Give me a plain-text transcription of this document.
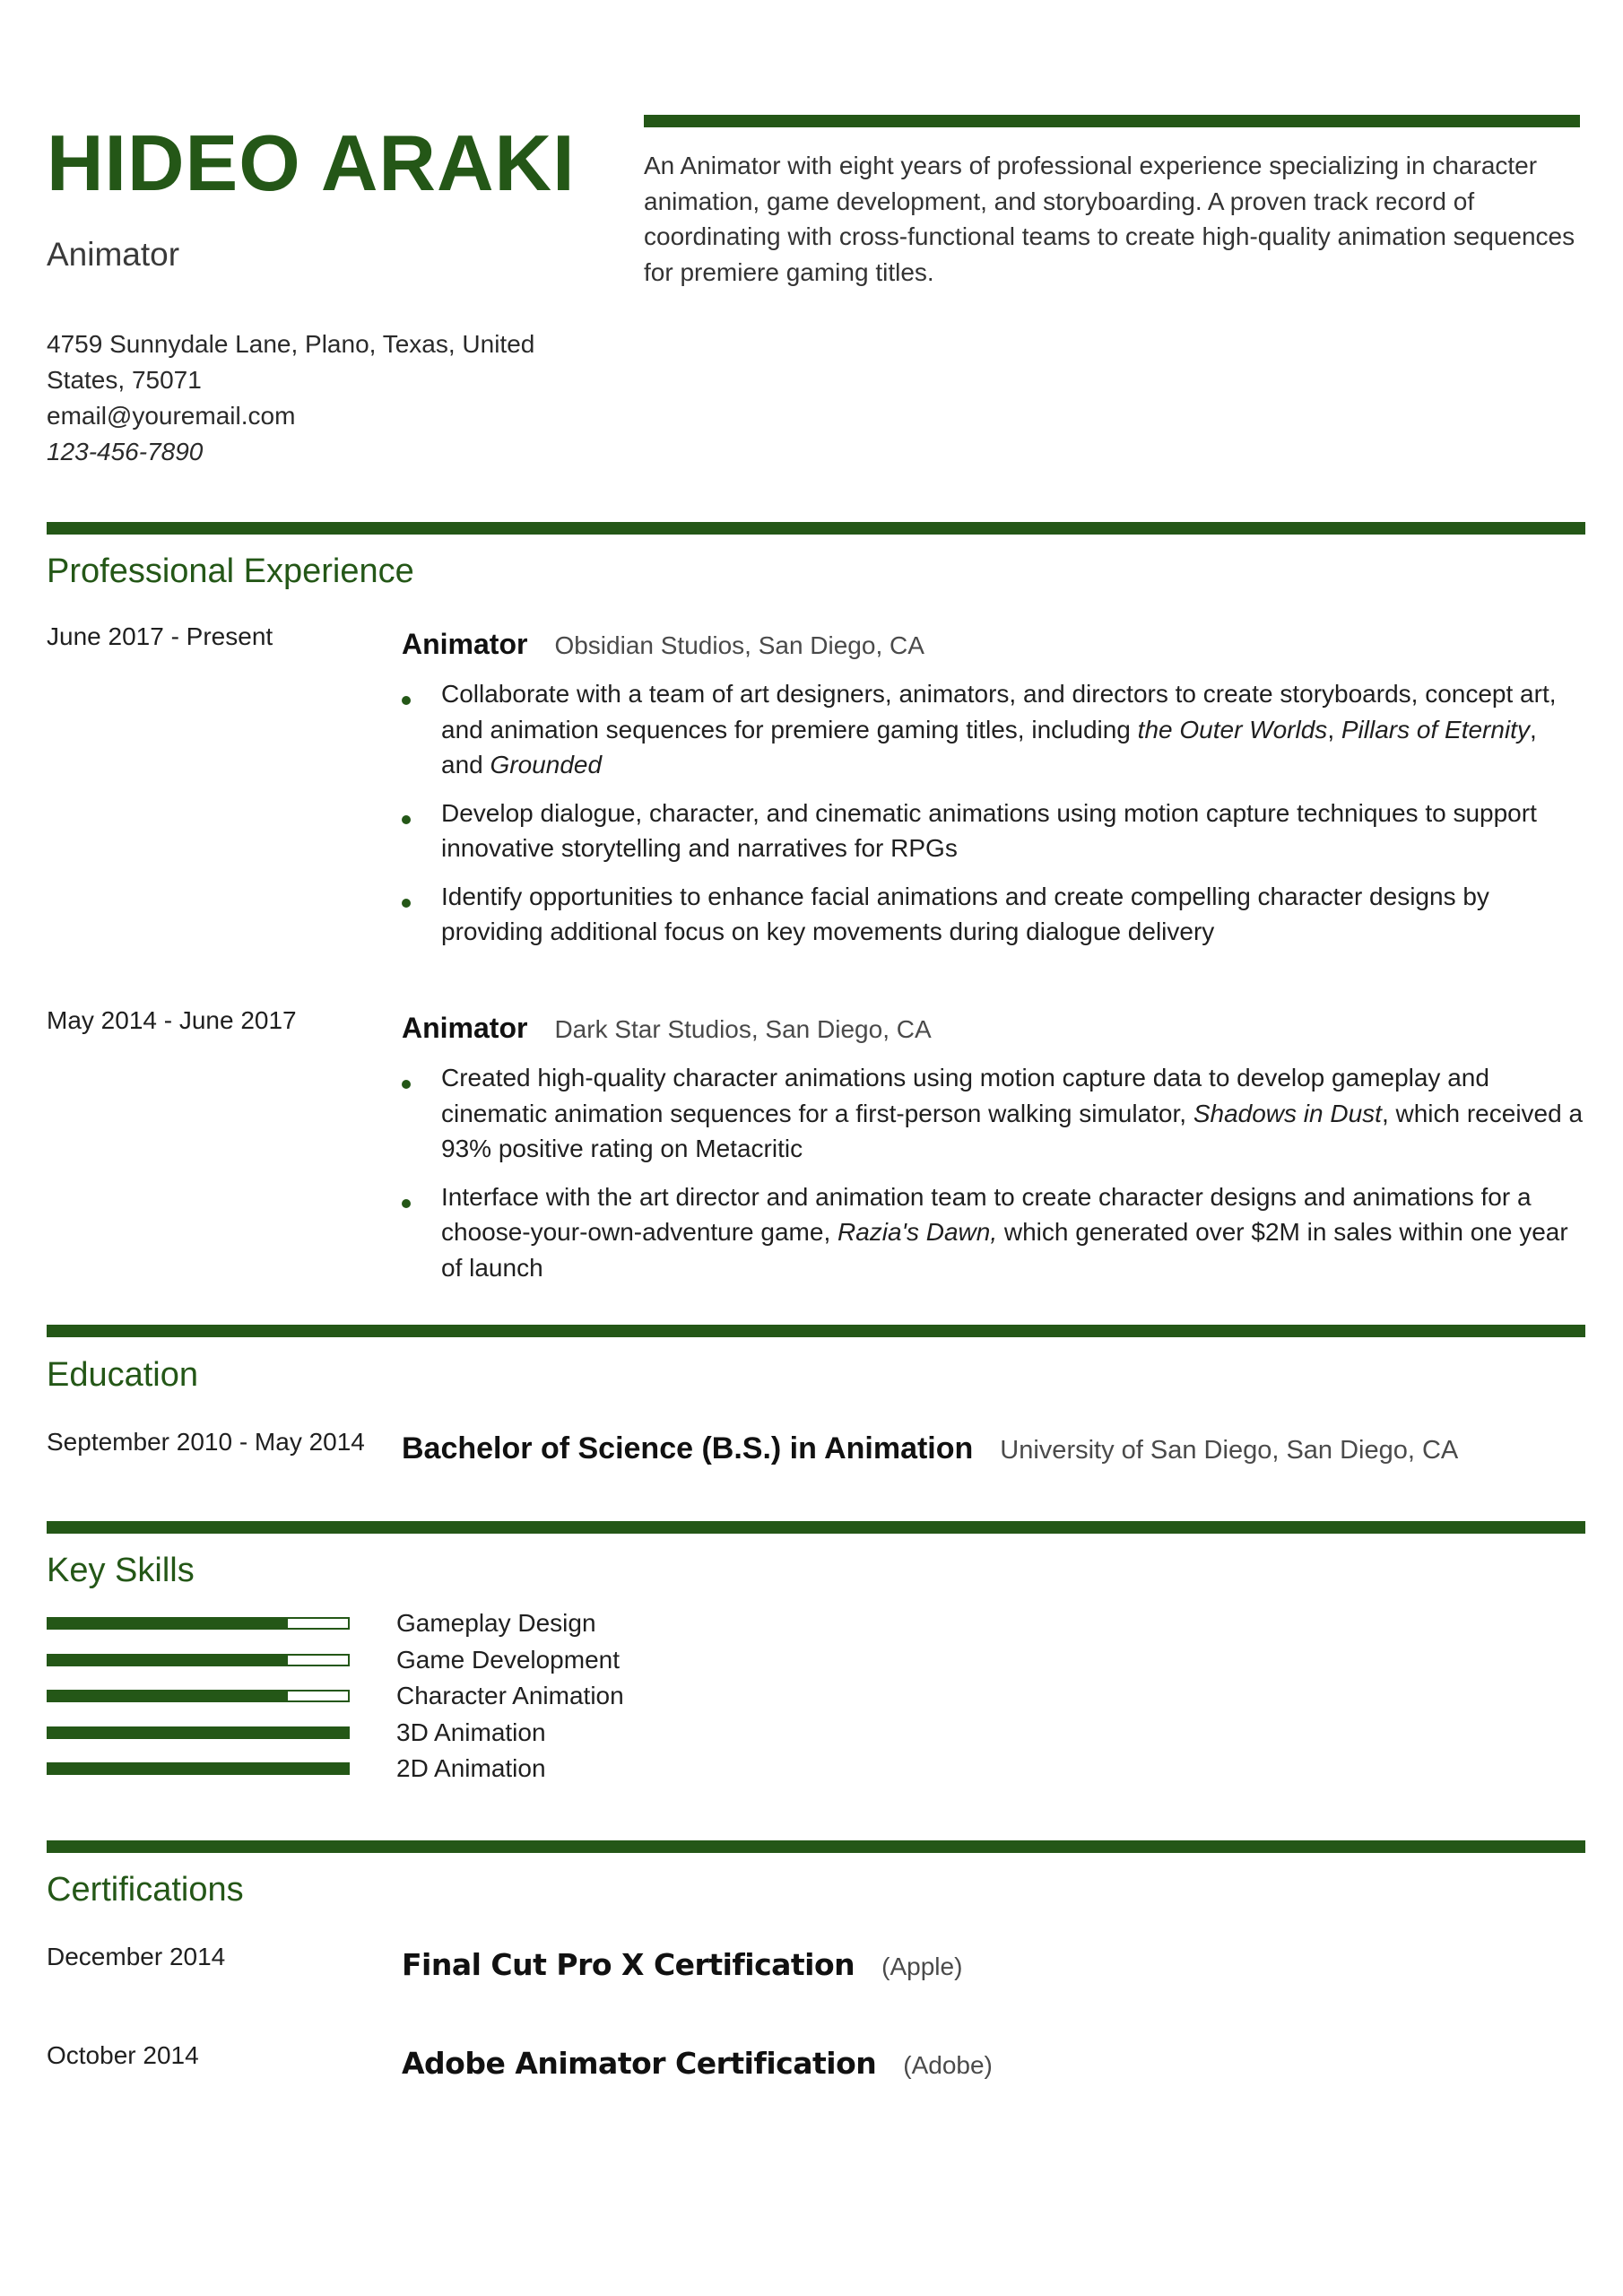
HIDEO ARAKI
Animator
4759 Sunnydale Lane, Plano, Texas, United
States, 75071
email@youremail.com
123-456-7890
An Animator with eight years of professional experience specializing in character animation, game development, and storyboarding. A proven track record of coordinating with cross-functional teams to create high-quality animation sequences for premiere gaming titles.
Professional Experience
June 2017 - Present	Animator Obsidian Studios, San Diego, CA
Collaborate with a team of art designers, animators, and directors to create storyboards, concept art, and animation sequences for premiere gaming titles, including the Outer Worlds, Pillars of Eternity, and Grounded
Develop dialogue, character, and cinematic animations using motion capture techniques to support innovative storytelling and narratives for RPGs
Identify opportunities to enhance facial animations and create compelling character designs by providing additional focus on key movements during dialogue delivery
May 2014 - June 2017	Animator Dark Star Studios, San Diego, CA
Created high-quality character animations using motion capture data to develop gameplay and cinematic animation sequences for a first-person walking simulator, Shadows in Dust, which received a 93% positive rating on Metacritic
Interface with the art director and animation team to create character designs and animations for a choose-your-own-adventure game, Razia's Dawn, which generated over $2M in sales within one year of launch
Education
September 2010 - May 2014 Bachelor of Science (B.S.) in Animation University of San Diego, San Diego, CA
Key Skills
Gameplay Design
Game Development
Character Animation
3D Animation
2D Animation
Certifications
December 2014	Final Cut Pro X Certification (Apple)
October 2014	Adobe Animator Certification (Adobe)
